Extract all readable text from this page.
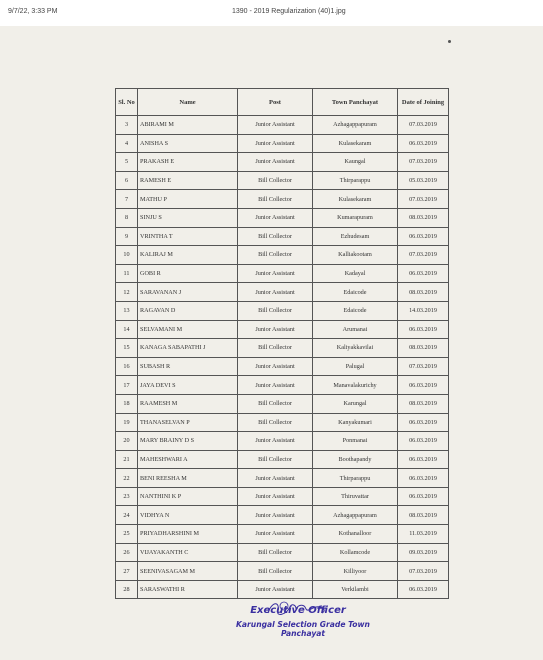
9/7/22, 3:33 PM	1390 - 2019 Regularization (40)1.jpg
Sl. No	Name	Post	Town Panchayat	Date of Joining
3	ABIRAMI M	Junior Assistant	Azhagappapuram	07.03.2019
4	ANISHA S	Junior Assistant	Kulasekaram	06.03.2019
5	PRAKASH E	Junior Assistant	Kaungal	07.03.2019
6	RAMESH E	Bill Collector	Thirparappu	05.03.2019
7	MATHU P	Bill Collector	Kulasekaram	07.03.2019
8	SINJU S	Junior Assistant	Kumarapuram	08.03.2019
9	VRINTHA T	Bill Collector	Ezhudesam	06.03.2019
10	KALIRAJ M	Bill Collector	Kalliakootam	07.03.2019
11	GOBI R	Junior Assistant	Kadayal	06.03.2019
12	SARAVANAN J	Junior Assistant	Edaicode	08.03.2019
13	RAGAVAN D	Bill Collector	Edaicode	14.03.2019
14	SELVAMANI M	Junior Assistant	Arumanai	06.03.2019
15	KANAGA SABAPATHI J	Bill Collector	Kaliyakkavilai	08.03.2019
16	SUBASH R	Junior Assistant	Palugal	07.03.2019
17	JAYA DEVI S	Junior Assistant	Manavalakurichy	06.03.2019
18	RAAMESH M	Bill Collector	Karungal	08.03.2019
19	THANASELVAN P	Bill Collector	Kanyakumari	06.03.2019
20	MARY BRAINY D S	Junior Assistant	Ponmanai	06.03.2019
21	MAHESHWARI A	Bill Collector	Boothapandy	06.03.2019
22	BENI REESHA M	Junior Assistant	Thirparappu	06.03.2019
23	NANTHINI K P	Junior Assistant	Thiruvattar	06.03.2019
24	VIDHYA N	Junior Assistant	Azhagappapuram	08.03.2019
25	PRIYADHARSHINI M	Junior Assistant	Kothanalloor	11.03.2019
26	VIJAYAKANTH C	Bill Collector	Kollamcode	09.03.2019
27	SEENIVASAGAM M	Bill Collector	Killiyoor	07.03.2019
28	SARASWATHI R	Junior Assistant	Verkilambi	06.03.2019
Executive Officer
Karungal Selection Grade Town Panchayat
